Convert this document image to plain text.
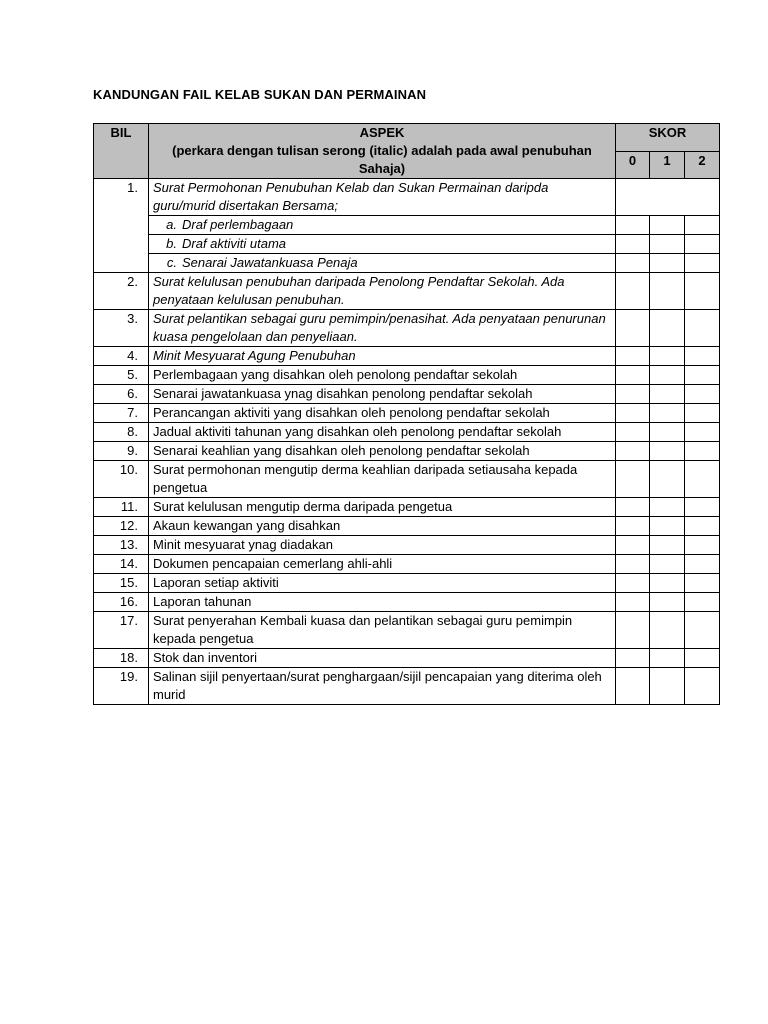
KANDUNGAN FAIL KELAB SUKAN DAN PERMAINAN
BIL	ASPEK
(perkara dengan tulisan serong (italic) adalah pada awal penubuhan Sahaja)	SKOR		
		0	1	2
1.	Surat Permohonan Penubuhan Kelab dan Sukan Permainan daripda guru/murid disertakan Bersama;			
	a. Draf perlembagaan			
	b. Draf aktiviti utama			
	c. Senarai Jawatankuasa Penaja			
2.	Surat kelulusan penubuhan daripada Penolong Pendaftar Sekolah. Ada penyataan kelulusan penubuhan.			
3.	Surat pelantikan sebagai guru pemimpin/penasihat. Ada penyataan penurunan kuasa pengelolaan dan penyeliaan.			
4.	Minit Mesyuarat Agung Penubuhan			
5.	Perlembagaan yang disahkan oleh penolong pendaftar sekolah			
6.	Senarai jawatankuasa ynag disahkan penolong pendaftar sekolah			
7.	Perancangan aktiviti yang disahkan oleh penolong pendaftar sekolah			
8.	Jadual aktiviti tahunan yang disahkan oleh penolong pendaftar sekolah			
9.	Senarai keahlian yang disahkan oleh penolong pendaftar sekolah			
10.	Surat permohonan mengutip derma keahlian daripada setiausaha kepada pengetua			
11.	Surat kelulusan mengutip derma daripada pengetua			
12.	Akaun kewangan yang disahkan			
13.	Minit mesyuarat ynag diadakan			
14.	Dokumen pencapaian cemerlang ahli-ahli			
15.	Laporan setiap aktiviti			
16.	Laporan tahunan			
17.	Surat penyerahan Kembali kuasa dan pelantikan sebagai guru pemimpin kepada pengetua			
18.	Stok dan inventori			
19.	Salinan sijil penyertaan/surat penghargaan/sijil pencapaian yang diterima oleh murid			
